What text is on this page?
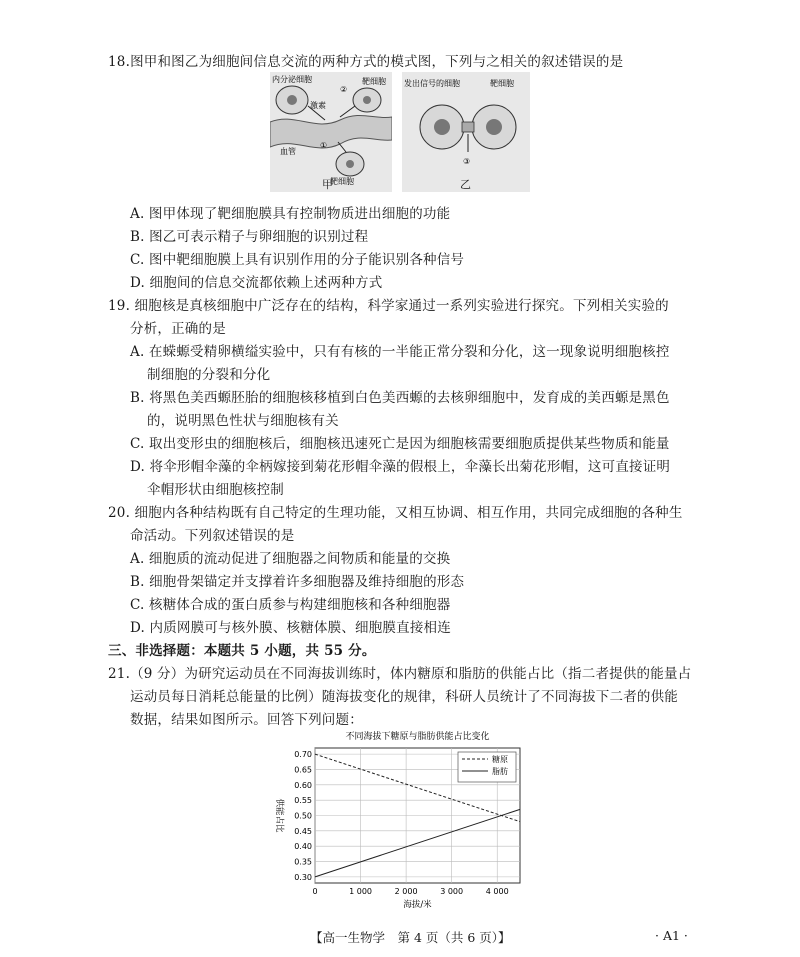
18.图甲和图乙为细胞间信息交流的两种方式的模式图，下列与之相关的叙述错误的是
内分泌细胞
激素
靶细胞
血管
靶细胞
①
②
甲
发出信号的细胞	靶细胞
③
乙
A. 图甲体现了靶细胞膜具有控制物质进出细胞的功能
B. 图乙可表示精子与卵细胞的识别过程
C. 图中靶细胞膜上具有识别作用的分子能识别各种信号
D. 细胞间的信息交流都依赖上述两种方式
19. 细胞核是真核细胞中广泛存在的结构，科学家通过一系列实验进行探究。下列相关实验的
分析，正确的是
A. 在蝾螈受精卵横缢实验中，只有有核的一半能正常分裂和分化，这一现象说明细胞核控
制细胞的分裂和分化
B. 将黑色美西螈胚胎的细胞核移植到白色美西螈的去核卵细胞中，发育成的美西螈是黑色
的，说明黑色性状与细胞核有关
C. 取出变形虫的细胞核后，细胞核迅速死亡是因为细胞核需要细胞质提供某些物质和能量
D. 将伞形帽伞藻的伞柄嫁接到菊花形帽伞藻的假根上，伞藻长出菊花形帽，这可直接证明
伞帽形状由细胞核控制
20. 细胞内各种结构既有自己特定的生理功能，又相互协调、相互作用，共同完成细胞的各种生
命活动。下列叙述错误的是
A. 细胞质的流动促进了细胞器之间物质和能量的交换
B. 细胞骨架锚定并支撑着许多细胞器及维持细胞的形态
C. 核糖体合成的蛋白质参与构建细胞核和各种细胞器
D. 内质网膜可与核外膜、核糖体膜、细胞膜直接相连
三、非选择题：本题共 5 小题，共 55 分。
21.（9 分）为研究运动员在不同海拔训练时，体内糖原和脂肪的供能占比（指二者提供的能量占
运动员每日消耗总能量的比例）随海拔变化的规律，科研人员统计了不同海拔下二者的供能
数据，结果如图所示。回答下列问题：
不同海拔下糖原与脂肪供能占比变化
0.70
0.65
0.60
0.55
0.50
0.45
0.40
0.35
0.30
0	1 000	2 000	3 000	4 000
海拔/米
供能占比
糖原
脂肪
【高一生物学　第 4 页（共 6 页）】	· A1 ·
